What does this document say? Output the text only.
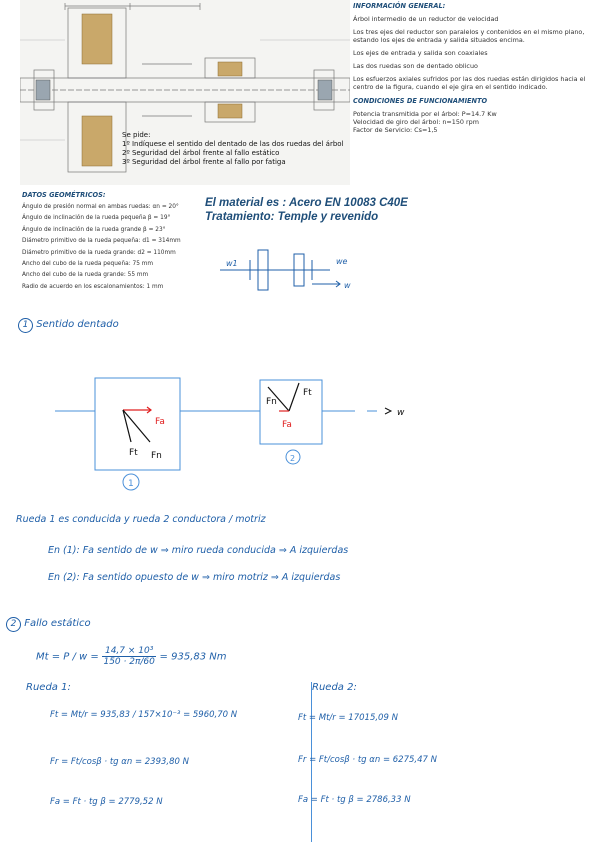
Se pide:
1º Indíquese el sentido del dentado de las dos ruedas del árbol
2º Seguridad del árbol frente al fallo estático
3º Seguridad del árbol frente al fallo por fatiga
INFORMACIÓN GENERAL:

Árbol intermedio de un reductor de velocidad

Los tres ejes del reductor son paralelos y contenidos en el mismo plano, estando los ejes de entrada y salida situados encima.

Los ejes de entrada y salida son coaxiales

Las dos ruedas son de dentado oblicuo

Los esfuerzos axiales sufridos por las dos ruedas están dirigidos hacia el centro de la figura, cuando el eje gira en el sentido indicado.

CONDICIONES DE FUNCIONAMIENTO
Potencia transmitida por el árbol: P=14.7 Kw
Velocidad de giro del árbol: n=150 rpm
Factor de Servicio: Cs=1,5
DATOS GEOMÉTRICOS:
Ángulo de presión normal en ambas ruedas: αn = 20°
Ángulo de inclinación de la rueda pequeña β = 19°
Ángulo de inclinación de la rueda grande β = 23°
Diámetro primitivo de la rueda pequeña: d1 = 314mm
Diámetro primitivo de la rueda grande: d2 = 110mm
Ancho del cubo de la rueda pequeña: 75 mm
Ancho del cubo de la rueda grande: 55 mm
Radio de acuerdo en los escalonamientos: 1 mm
El material es : Acero EN 10083 C40E
Tratamiento: Temple y revenido
w1	we
w
1 Sentido dentado
Fa
Ft Fn
1
Ft
Fn
Fa
2
w
Rueda 1 es conducida y rueda 2 conductora / motriz
En (1): Fa sentido de w ⇒ miro rueda conducida ⇒ A izquierdas
En (2): Fa sentido opuesto de w ⇒ miro motriz ⇒ A izquierdas
2 Fallo estático
$Mt = P / w = \frac{\text{14,7 × 10³}}{150 \cdot 2\pi/60} = 935,83$ Nm
Rueda 1:
Ft = Mt/r = 935,83 / 157×10⁻³ = 5960,70 N
Fr = Ft/cosβ · tg αn = 2393,80 N
Fa = Ft · tg β = 2779,52 N
Rueda 2:
Ft = Mt/r = 17015,09 N
Fr = Ft/cosβ · tg αn = 6275,47 N
Fa = Ft · tg β = 2786,33 N
